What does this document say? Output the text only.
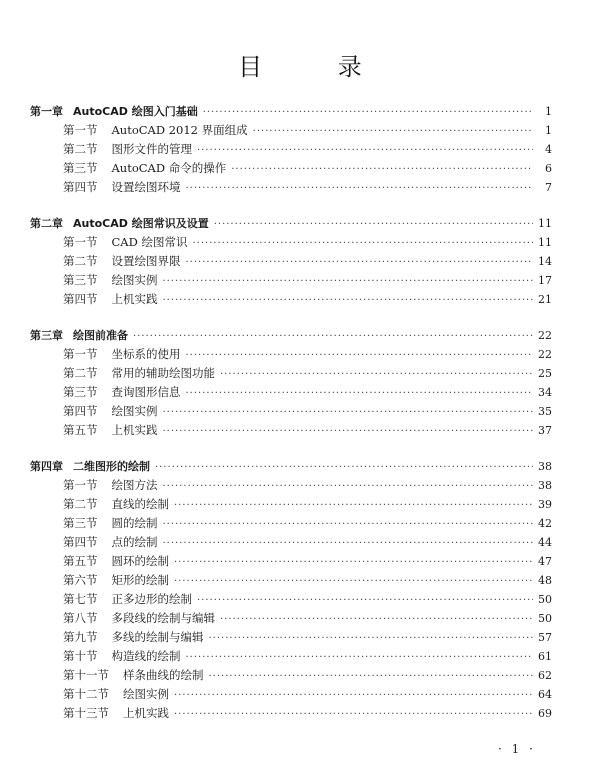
目 录
第一章 AutoCAD 绘图入门基础 ·····	1
第一节 AutoCAD 2012 界面组成 ·····	1
第二节 图形文件的管理 ·····	4
第三节 AutoCAD 命令的操作 ·····	6
第四节 设置绘图环境 ·····	7
第二章 AutoCAD 绘图常识及设置 ·····	11
第一节 CAD 绘图常识 ·····	11
第二节 设置绘图界限 ·····	14
第三节 绘图实例 ·····	17
第四节 上机实践 ·····	21
第三章 绘图前准备 ·····	22
第一节 坐标系的使用 ·····	22
第二节 常用的辅助绘图功能 ·····	25
第三节 查询图形信息 ·····	34
第四节 绘图实例 ·····	35
第五节 上机实践 ·····	37
第四章 二维图形的绘制 ·····	38
第一节 绘图方法 ·····	38
第二节 直线的绘制 ·····	39
第三节 圆的绘制 ·····	42
第四节 点的绘制 ·····	44
第五节 圆环的绘制 ·····	47
第六节 矩形的绘制 ·····	48
第七节 正多边形的绘制 ·····	50
第八节 多段线的绘制与编辑 ·····	50
第九节 多线的绘制与编辑 ·····	57
第十节 构造线的绘制 ·····	61
第十一节 样条曲线的绘制 ·····	62
第十二节 绘图实例 ·····	64
第十三节 上机实践 ·····	69
· 1 ·
